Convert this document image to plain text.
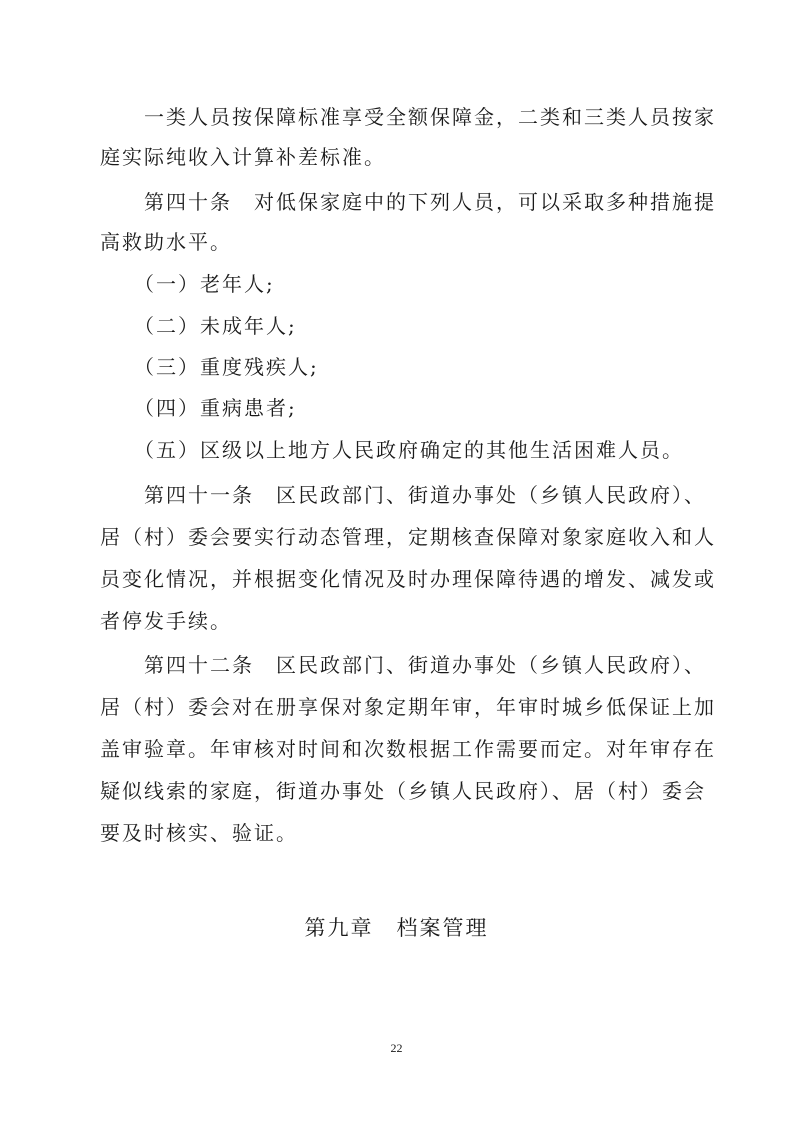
　　一类人员按保障标准享受全额保障金，二类和三类人员按家
庭实际纯收入计算补差标准。
　　第四十条　对低保家庭中的下列人员，可以采取多种措施提
高救助水平。
　　（一）老年人;
　　（二）未成年人;
　　（三）重度残疾人;
　　（四）重病患者;
　　（五）区级以上地方人民政府确定的其他生活困难人员。
　　第四十一条　区民政部门、街道办事处（乡镇人民政府）、
居（村）委会要实行动态管理，定期核查保障对象家庭收入和人
员变化情况，并根据变化情况及时办理保障待遇的增发、减发或
者停发手续。
　　第四十二条　区民政部门、街道办事处（乡镇人民政府）、
居（村）委会对在册享保对象定期年审，年审时城乡低保证上加
盖审验章。年审核对时间和次数根据工作需要而定。对年审存在
疑似线索的家庭，街道办事处（乡镇人民政府）、居（村）委会
要及时核实、验证。
第九章　档案管理
22
